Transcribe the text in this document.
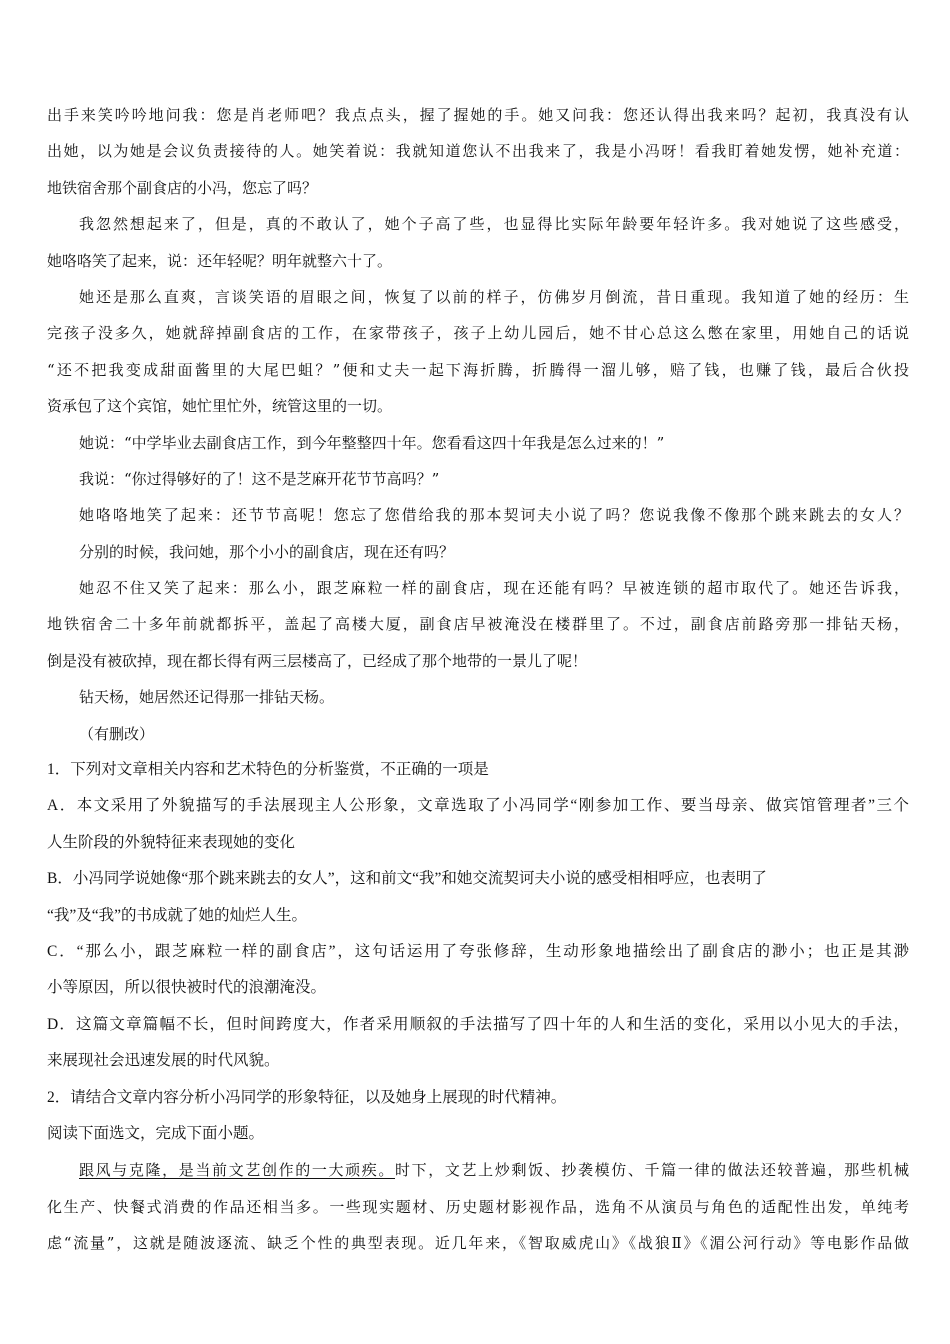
出手来笑吟吟地问我：您是肖老师吧？我点点头，握了握她的手。她又问我：您还认得出我来吗？起初，我真没有认
出她，以为她是会议负责接待的人。她笑着说：我就知道您认不出我来了，我是小冯呀！看我盯着她发愣，她补充道：
地铁宿舍那个副食店的小冯，您忘了吗？
我忽然想起来了，但是，真的不敢认了，她个子高了些，也显得比实际年龄要年轻许多。我对她说了这些感受，
她咯咯笑了起来，说：还年轻呢？明年就整六十了。
她还是那么直爽，言谈笑语的眉眼之间，恢复了以前的样子，仿佛岁月倒流，昔日重现。我知道了她的经历：生
完孩子没多久，她就辞掉副食店的工作，在家带孩子，孩子上幼儿园后，她不甘心总这么憋在家里，用她自己的话说
“还不把我变成甜面酱里的大尾巴蛆？”便和丈夫一起下海折腾，折腾得一溜儿够，赔了钱，也赚了钱，最后合伙投
资承包了这个宾馆，她忙里忙外，统管这里的一切。
她说：“中学毕业去副食店工作，到今年整整四十年。您看看这四十年我是怎么过来的！”
我说：“你过得够好的了！这不是芝麻开花节节高吗？”
她咯咯地笑了起来：还节节高呢！您忘了您借给我的那本契诃夫小说了吗？您说我像不像那个跳来跳去的女人？
分别的时候，我问她，那个小小的副食店，现在还有吗？
她忍不住又笑了起来：那么小，跟芝麻粒一样的副食店，现在还能有吗？早被连锁的超市取代了。她还告诉我，
地铁宿舍二十多年前就都拆平，盖起了高楼大厦，副食店早被淹没在楼群里了。不过，副食店前路旁那一排钻天杨，
倒是没有被砍掉，现在都长得有两三层楼高了，已经成了那个地带的一景儿了呢！
钻天杨，她居然还记得那一排钻天杨。
（有删改）
1．下列对文章相关内容和艺术特色的分析鉴赏，不正确的一项是
A．本文采用了外貌描写的手法展现主人公形象，文章选取了小冯同学“刚参加工作、要当母亲、做宾馆管理者”三个
人生阶段的外貌特征来表现她的变化
B．小冯同学说她像“那个跳来跳去的女人”，这和前文“我”和她交流契诃夫小说的感受相相呼应，也表明了
“我”及“我”的书成就了她的灿烂人生。
C．“那么小，跟芝麻粒一样的副食店”，这句话运用了夸张修辞，生动形象地描绘出了副食店的渺小；也正是其渺
小等原因，所以很快被时代的浪潮淹没。
D．这篇文章篇幅不长，但时间跨度大，作者采用顺叙的手法描写了四十年的人和生活的变化，采用以小见大的手法，
来展现社会迅速发展的时代风貌。
2．请结合文章内容分析小冯同学的形象特征，以及她身上展现的时代精神。
阅读下面选文，完成下面小题。
跟风与克隆，是当前文艺创作的一大顽疾。时下，文艺上炒剩饭、抄袭模仿、千篇一律的做法还较普遍，那些机械
化生产、快餐式消费的作品还相当多。一些现实题材、历史题材影视作品，选角不从演员与角色的适配性出发，单纯考
虑“流量”，这就是随波逐流、缺乏个性的典型表现。近几年来，《智取威虎山》《战狼Ⅱ》《湄公河行动》等电影作品做
